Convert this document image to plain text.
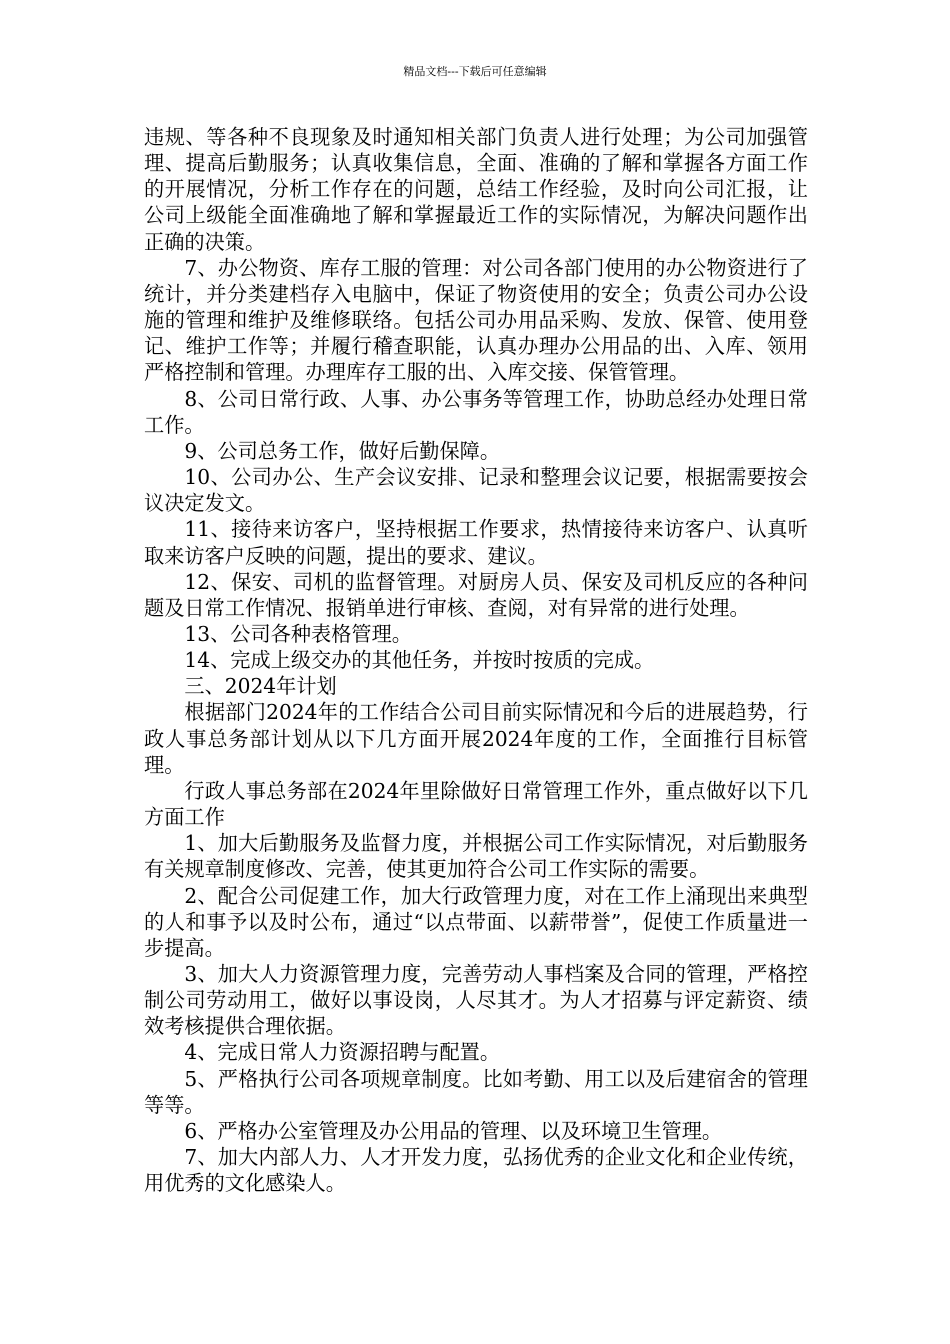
精品文档---下载后可任意编辑

违规、等各种不良现象及时通知相关部门负责人进行处理；为公司加强管理、提高后勤服务；认真收集信息，全面、准确的了解和掌握各方面工作的开展情况，分析工作存在的问题，总结工作经验，及时向公司汇报，让公司上级能全面准确地了解和掌握最近工作的实际情况，为解决问题作出正确的决策。

7、办公物资、库存工服的管理：对公司各部门使用的办公物资进行了统计，并分类建档存入电脑中，保证了物资使用的安全；负责公司办公设施的管理和维护及维修联络。包括公司办用品采购、发放、保管、使用登记、维护工作等；并履行稽查职能，认真办理办公用品的出、入库、领用严格控制和管理。办理库存工服的出、入库交接、保管管理。

8、公司日常行政、人事、办公事务等管理工作，协助总经办处理日常工作。

9、公司总务工作，做好后勤保障。

10、公司办公、生产会议安排、记录和整理会议记要，根据需要按会议决定发文。

11、接待来访客户，坚持根据工作要求，热情接待来访客户、认真听取来访客户反映的问题，提出的要求、建议。

12、保安、司机的监督管理。对厨房人员、保安及司机反应的各种问题及日常工作情况、报销单进行审核、查阅，对有异常的进行处理。

13、公司各种表格管理。

14、完成上级交办的其他任务，并按时按质的完成。

三、2024年计划

根据部门2024年的工作结合公司目前实际情况和今后的进展趋势，行政人事总务部计划从以下几方面开展2024年度的工作，全面推行目标管理。

行政人事总务部在2024年里除做好日常管理工作外，重点做好以下几方面工作

1、加大后勤服务及监督力度，并根据公司工作实际情况，对后勤服务有关规章制度修改、完善，使其更加符合公司工作实际的需要。

2、配合公司促建工作，加大行政管理力度，对在工作上涌现出来典型的人和事予以及时公布，通过“以点带面、以薪带誉”，促使工作质量进一步提高。

3、加大人力资源管理力度，完善劳动人事档案及合同的管理，严格控制公司劳动用工，做好以事设岗，人尽其才。为人才招募与评定薪资、绩效考核提供合理依据。

4、完成日常人力资源招聘与配置。

5、严格执行公司各项规章制度。比如考勤、用工以及后建宿舍的管理等等。

6、严格办公室管理及办公用品的管理、以及环境卫生管理。

7、加大内部人力、人才开发力度，弘扬优秀的企业文化和企业传统，用优秀的文化感染人。
